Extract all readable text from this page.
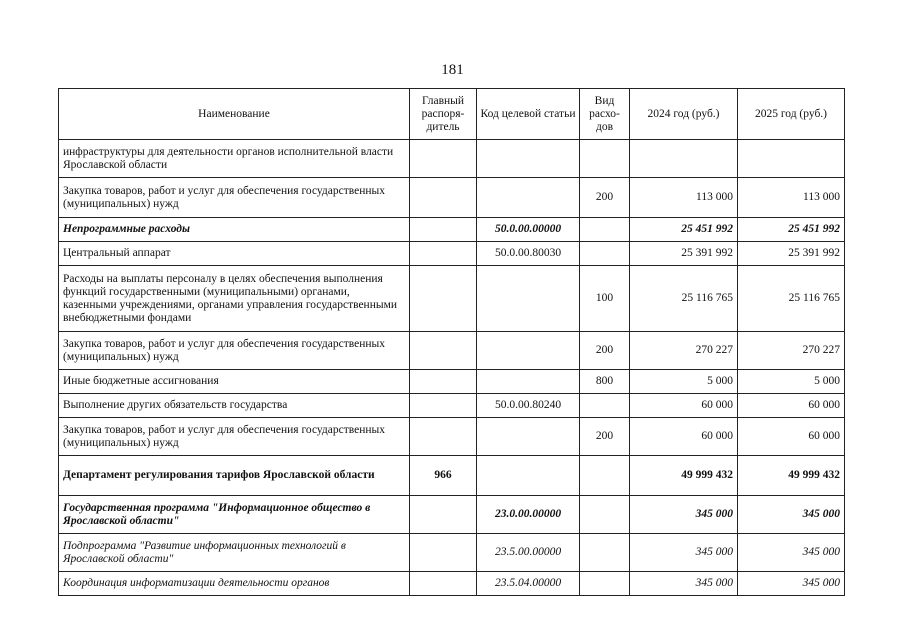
181
Наименование	Главный распоря-дитель	Код целевой статьи	Вид расхо-дов	2024 год (руб.)	2025 год (руб.)
инфраструктуры для деятельности органов исполнительной власти Ярославской области					
Закупка товаров, работ и услуг для обеспечения государственных (муниципальных) нужд			200	113 000	113 000
Непрограммные расходы		50.0.00.00000		25 451 992	25 451 992
Центральный аппарат		50.0.00.80030		25 391 992	25 391 992
Расходы на выплаты персоналу в целях обеспечения выполнения функций государственными (муниципальными) органами, казенными учреждениями, органами управления государственными внебюджетными фондами			100	25 116 765	25 116 765
Закупка товаров, работ и услуг для обеспечения государственных (муниципальных) нужд			200	270 227	270 227
Иные бюджетные ассигнования			800	5 000	5 000
Выполнение других обязательств государства		50.0.00.80240		60 000	60 000
Закупка товаров, работ и услуг для обеспечения государственных (муниципальных) нужд			200	60 000	60 000
Департамент регулирования тарифов Ярославской области	966			49 999 432	49 999 432
Государственная программа "Информационное общество в Ярославской области"		23.0.00.00000		345 000	345 000
Подпрограмма "Развитие информационных технологий в Ярославской области"		23.5.00.00000		345 000	345 000
Координация информатизации деятельности органов		23.5.04.00000		345 000	345 000
